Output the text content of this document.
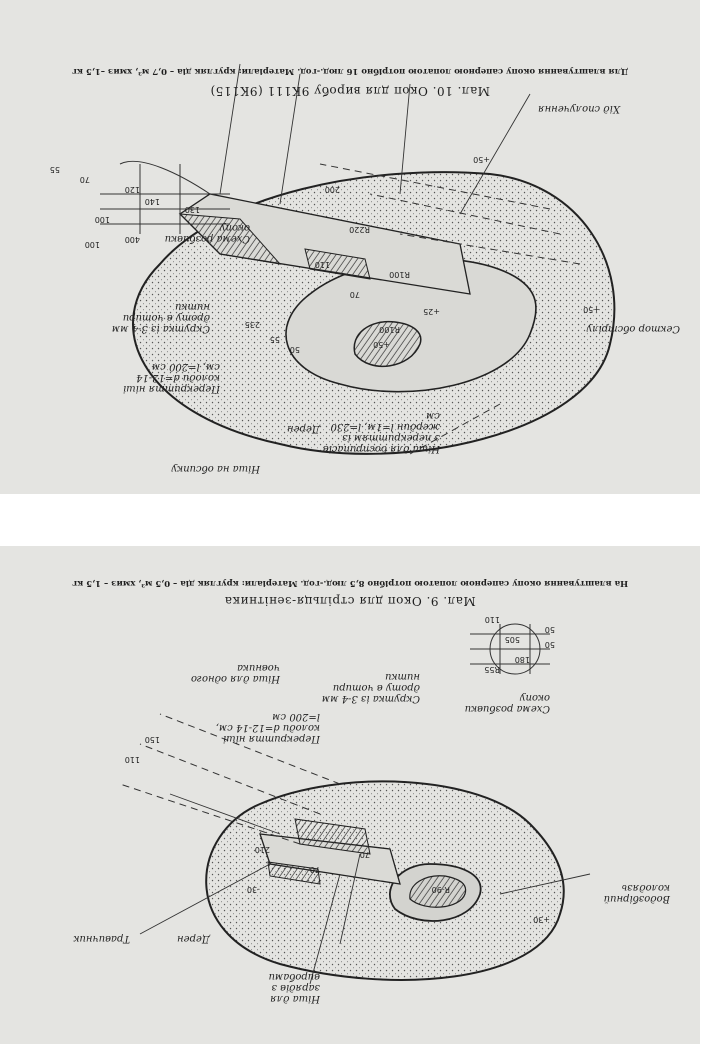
Для влаштування окопу саперною лопатою потрібно 16 люд.-год. Матеріали: кругляк діа – 0,7 м³, хмиз –1,5 кг
Мал. 10. Окоп для виробу 9К111 (9К115)
Хід сполучення
Схема розбивки окопу
Сектор обстрілу
Ніша для боєприпасів з перекриттям із жердин l=1м, l=230 см
Перекриття ніші колоди d=12-14 см, l=200 см
Скрутка із 3-4 мм дроту в чотири нитки
Дерен
Ніша на обсипку
+50
+50
+50
+25
200
R220
R100
R100
110
70
235
55
50
55
70
120
140
130
100
400
100
На влаштування окопу саперною лопатою потрібно 8,5 люд.-год. Матеріали: кругляк діа – 0,5 м³, хмиз – 1,5 кг
Мал. 9. Окоп для стрільця-зенітника
Перекриття ніші колоди d=12-14 см, l=200 см
Скрутка із 3-4 мм дроту в чотири нитки
Ніша для одного човника
Схема розбивки окопу
Водозбірний колодязь
Травичник	Дерен
Ніша для зарядів з виробами
R55
505
110
180
50
50
150
110
70
70
210
R-90
+30
-30
